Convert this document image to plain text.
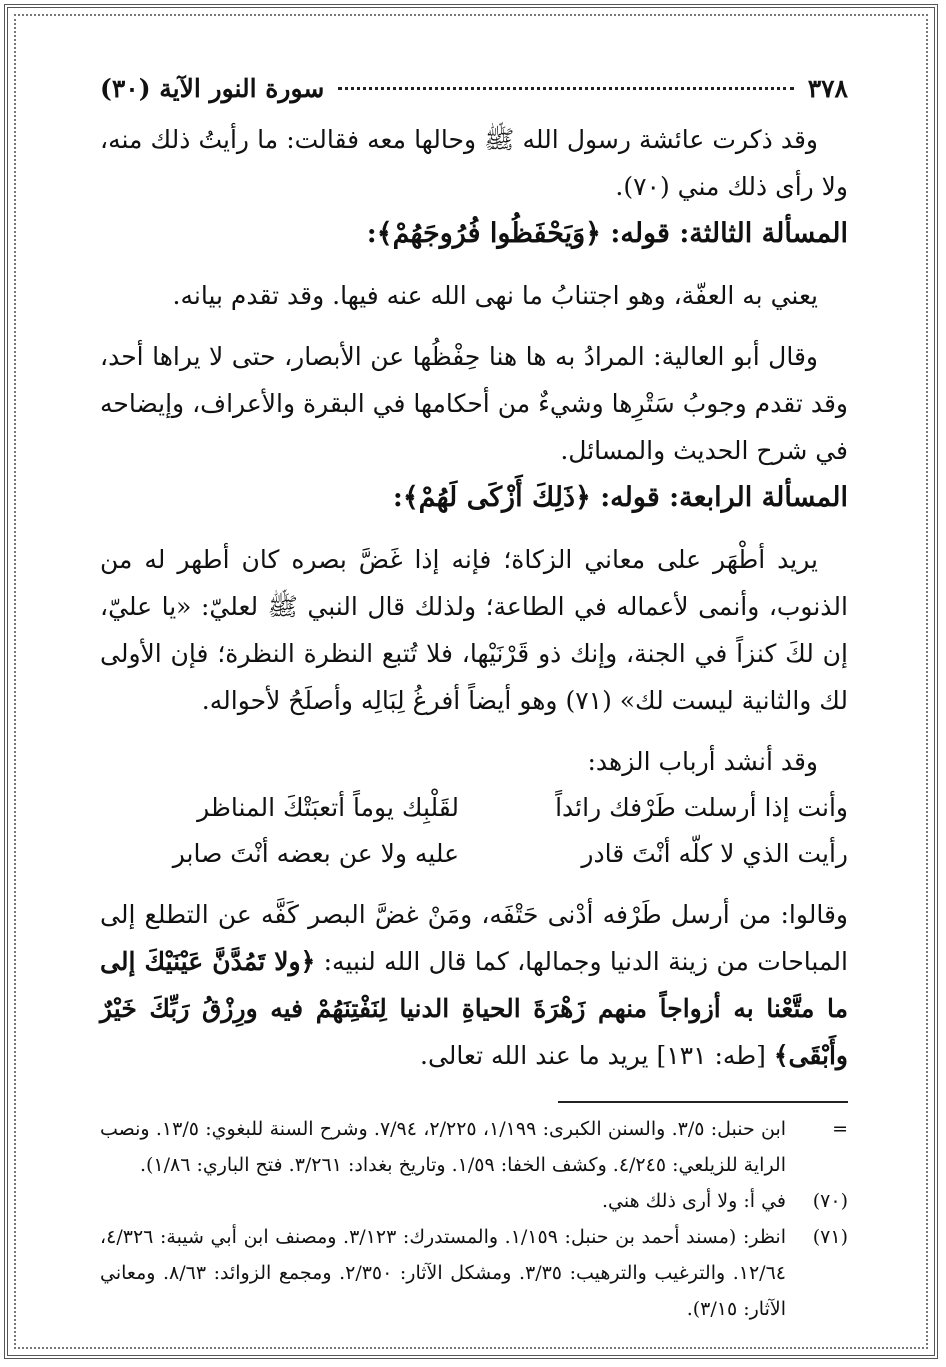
٣٧٨
سورة النور الآية (٣٠)

وقد ذكرت عائشة رسول الله ﷺ وحالها معه فقالت: ما رأيتُ ذلك منه، ولا رأى ذلك مني (٧٠).

المسألة الثالثة: قوله: ﴿وَيَحْفَظُوا فُرُوجَهُمْ﴾:

يعني به العفّة، وهو اجتنابُ ما نهى الله عنه فيها. وقد تقدم بيانه.

وقال أبو العالية: المرادُ به ها هنا حِفْظُها عن الأبصار، حتى لا يراها أحد، وقد تقدم وجوبُ سَتْرِها وشيءٌ من أحكامها في البقرة والأعراف، وإيضاحه في شرح الحديث والمسائل.

المسألة الرابعة: قوله: ﴿ذَلِكَ أَزْكَى لَهُمْ﴾:

يريد أطْهَر على معاني الزكاة؛ فإنه إذا غَضَّ بصره كان أطهر له من الذنوب، وأنمى لأعماله في الطاعة؛ ولذلك قال النبي ﷺ لعليّ: «يا عليّ، إن لكَ كنزاً في الجنة، وإنك ذو قَرْنَيْها، فلا تُتبع النظرة النظرة؛ فإن الأولى لك والثانية ليست لك» (٧١) وهو أيضاً أفرغُ لِبَالِه وأصلَحُ لأحواله.

وقد أنشد أرباب الزهد:

وأنت إذا أرسلت طَرْفك رائداً
لقَلْبِك يوماً أتعبَتْكَ المناظر
رأيت الذي لا كلّه أنْتَ قادر
عليه ولا عن بعضه أنْتَ صابر

وقالوا: من أرسل طَرْفه أدْنى حَتْفَه، ومَنْ غضَّ البصر كَفَّه عن التطلع إلى المباحات من زينة الدنيا وجمالها، كما قال الله لنبيه: ﴿ولا تَمُدَّنَّ عَيْنَيْكَ إلى ما متَّعْنا به أزواجاً منهم زَهْرَةَ الحياةِ الدنيا لِنَفْتِنَهُمْ فيه ورِزْقُ رَبِّكَ خَيْرٌ وأَبْقَى﴾ [طه: ١٣١] يريد ما عند الله تعالى.

=
ابن حنبل: ٣/٥. والسنن الكبرى: ١/١٩٩، ٢/٢٢٥، ٧/٩٤. وشرح السنة للبغوي: ١٣/٥. ونصب الراية للزيلعي: ٤/٢٤٥. وكشف الخفا: ١/٥٩. وتاريخ بغداد: ٣/٢٦١. فتح الباري: ١/٨٦).
(٧٠)
في أ: ولا أرى ذلك هني.
(٧١)
انظر: (مسند أحمد بن حنبل: ١/١٥٩. والمستدرك: ٣/١٢٣. ومصنف ابن أبي شيبة: ٤/٣٢٦، ١٢/٦٤. والترغيب والترهيب: ٣/٣٥. ومشكل الآثار: ٢/٣٥٠. ومجمع الزوائد: ٨/٦٣. ومعاني الآثار: ٣/١٥).
